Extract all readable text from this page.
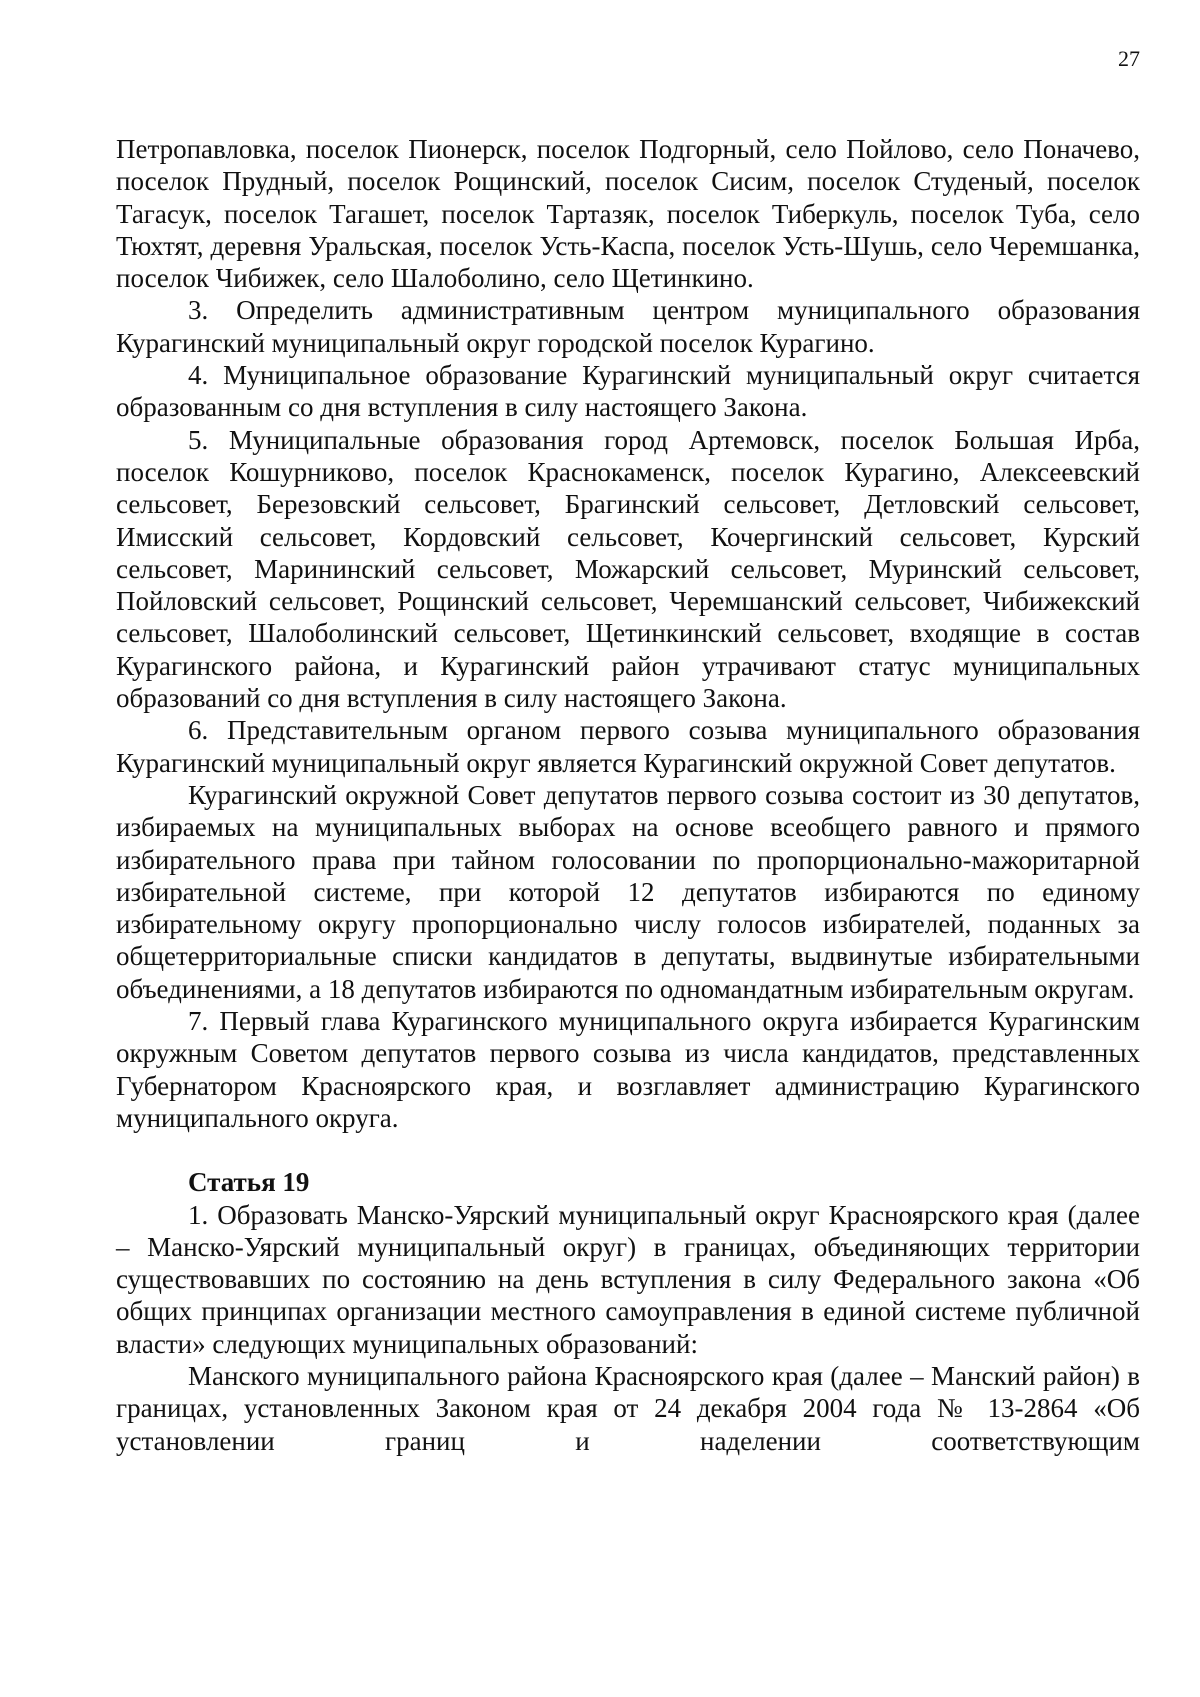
27

Петропавловка, поселок Пионерск, поселок Подгорный, село Пойлово, село Поначево, поселок Прудный, поселок Рощинский, поселок Сисим, поселок Студеный, поселок Тагасук, поселок Тагашет, поселок Тартазяк, поселок Тиберкуль, поселок Туба, село Тюхтят, деревня Уральская, поселок Усть-Каспа, поселок Усть-Шушь, село Черемшанка, поселок Чибижек, село Шалоболино, село Щетинкино.

3. Определить административным центром муниципального образования Курагинский муниципальный округ городской поселок Курагино.

4. Муниципальное образование Курагинский муниципальный округ считается образованным со дня вступления в силу настоящего Закона.

5. Муниципальные образования город Артемовск, поселок Большая Ирба, поселок Кошурниково, поселок Краснокаменск, поселок Курагино, Алексеевский сельсовет, Березовский сельсовет, Брагинский сельсовет, Детловский сельсовет, Имисский сельсовет, Кордовский сельсовет, Кочергинский сельсовет, Курский сельсовет, Марининский сельсовет, Можарский сельсовет, Муринский сельсовет, Пойловский сельсовет, Рощинский сельсовет, Черемшанский сельсовет, Чибижекский сельсовет, Шалоболинский сельсовет, Щетинкинский сельсовет, входящие в состав Курагинского района, и Курагинский район утрачивают статус муниципальных образований со дня вступления в силу настоящего Закона.

6. Представительным органом первого созыва муниципального образования Курагинский муниципальный округ является Курагинский окружной Совет депутатов.

Курагинский окружной Совет депутатов первого созыва состоит из 30 депутатов, избираемых на муниципальных выборах на основе всеобщего равного и прямого избирательного права при тайном голосовании по пропорционально-мажоритарной избирательной системе, при которой 12 депутатов избираются по единому избирательному округу пропорционально числу голосов избирателей, поданных за общетерриториальные списки кандидатов в депутаты, выдвинутые избирательными объединениями, а 18 депутатов избираются по одномандатным избирательным округам.

7. Первый глава Курагинского муниципального округа избирается Курагинским окружным Советом депутатов первого созыва из числа кандидатов, представленных Губернатором Красноярского края, и возглавляет администрацию Курагинского муниципального округа.

Статья 19

1. Образовать Манско-Уярский муниципальный округ Красноярского края (далее – Манско-Уярский муниципальный округ) в границах, объединяющих территории существовавших по состоянию на день вступления в силу Федерального закона «Об общих принципах организации местного самоуправления в единой системе публичной власти» следующих муниципальных образований:

Манского муниципального района Красноярского края (далее – Манский район) в границах, установленных Законом края от 24 декабря 2004 года № 13-2864 «Об установлении границ и наделении соответствующим
